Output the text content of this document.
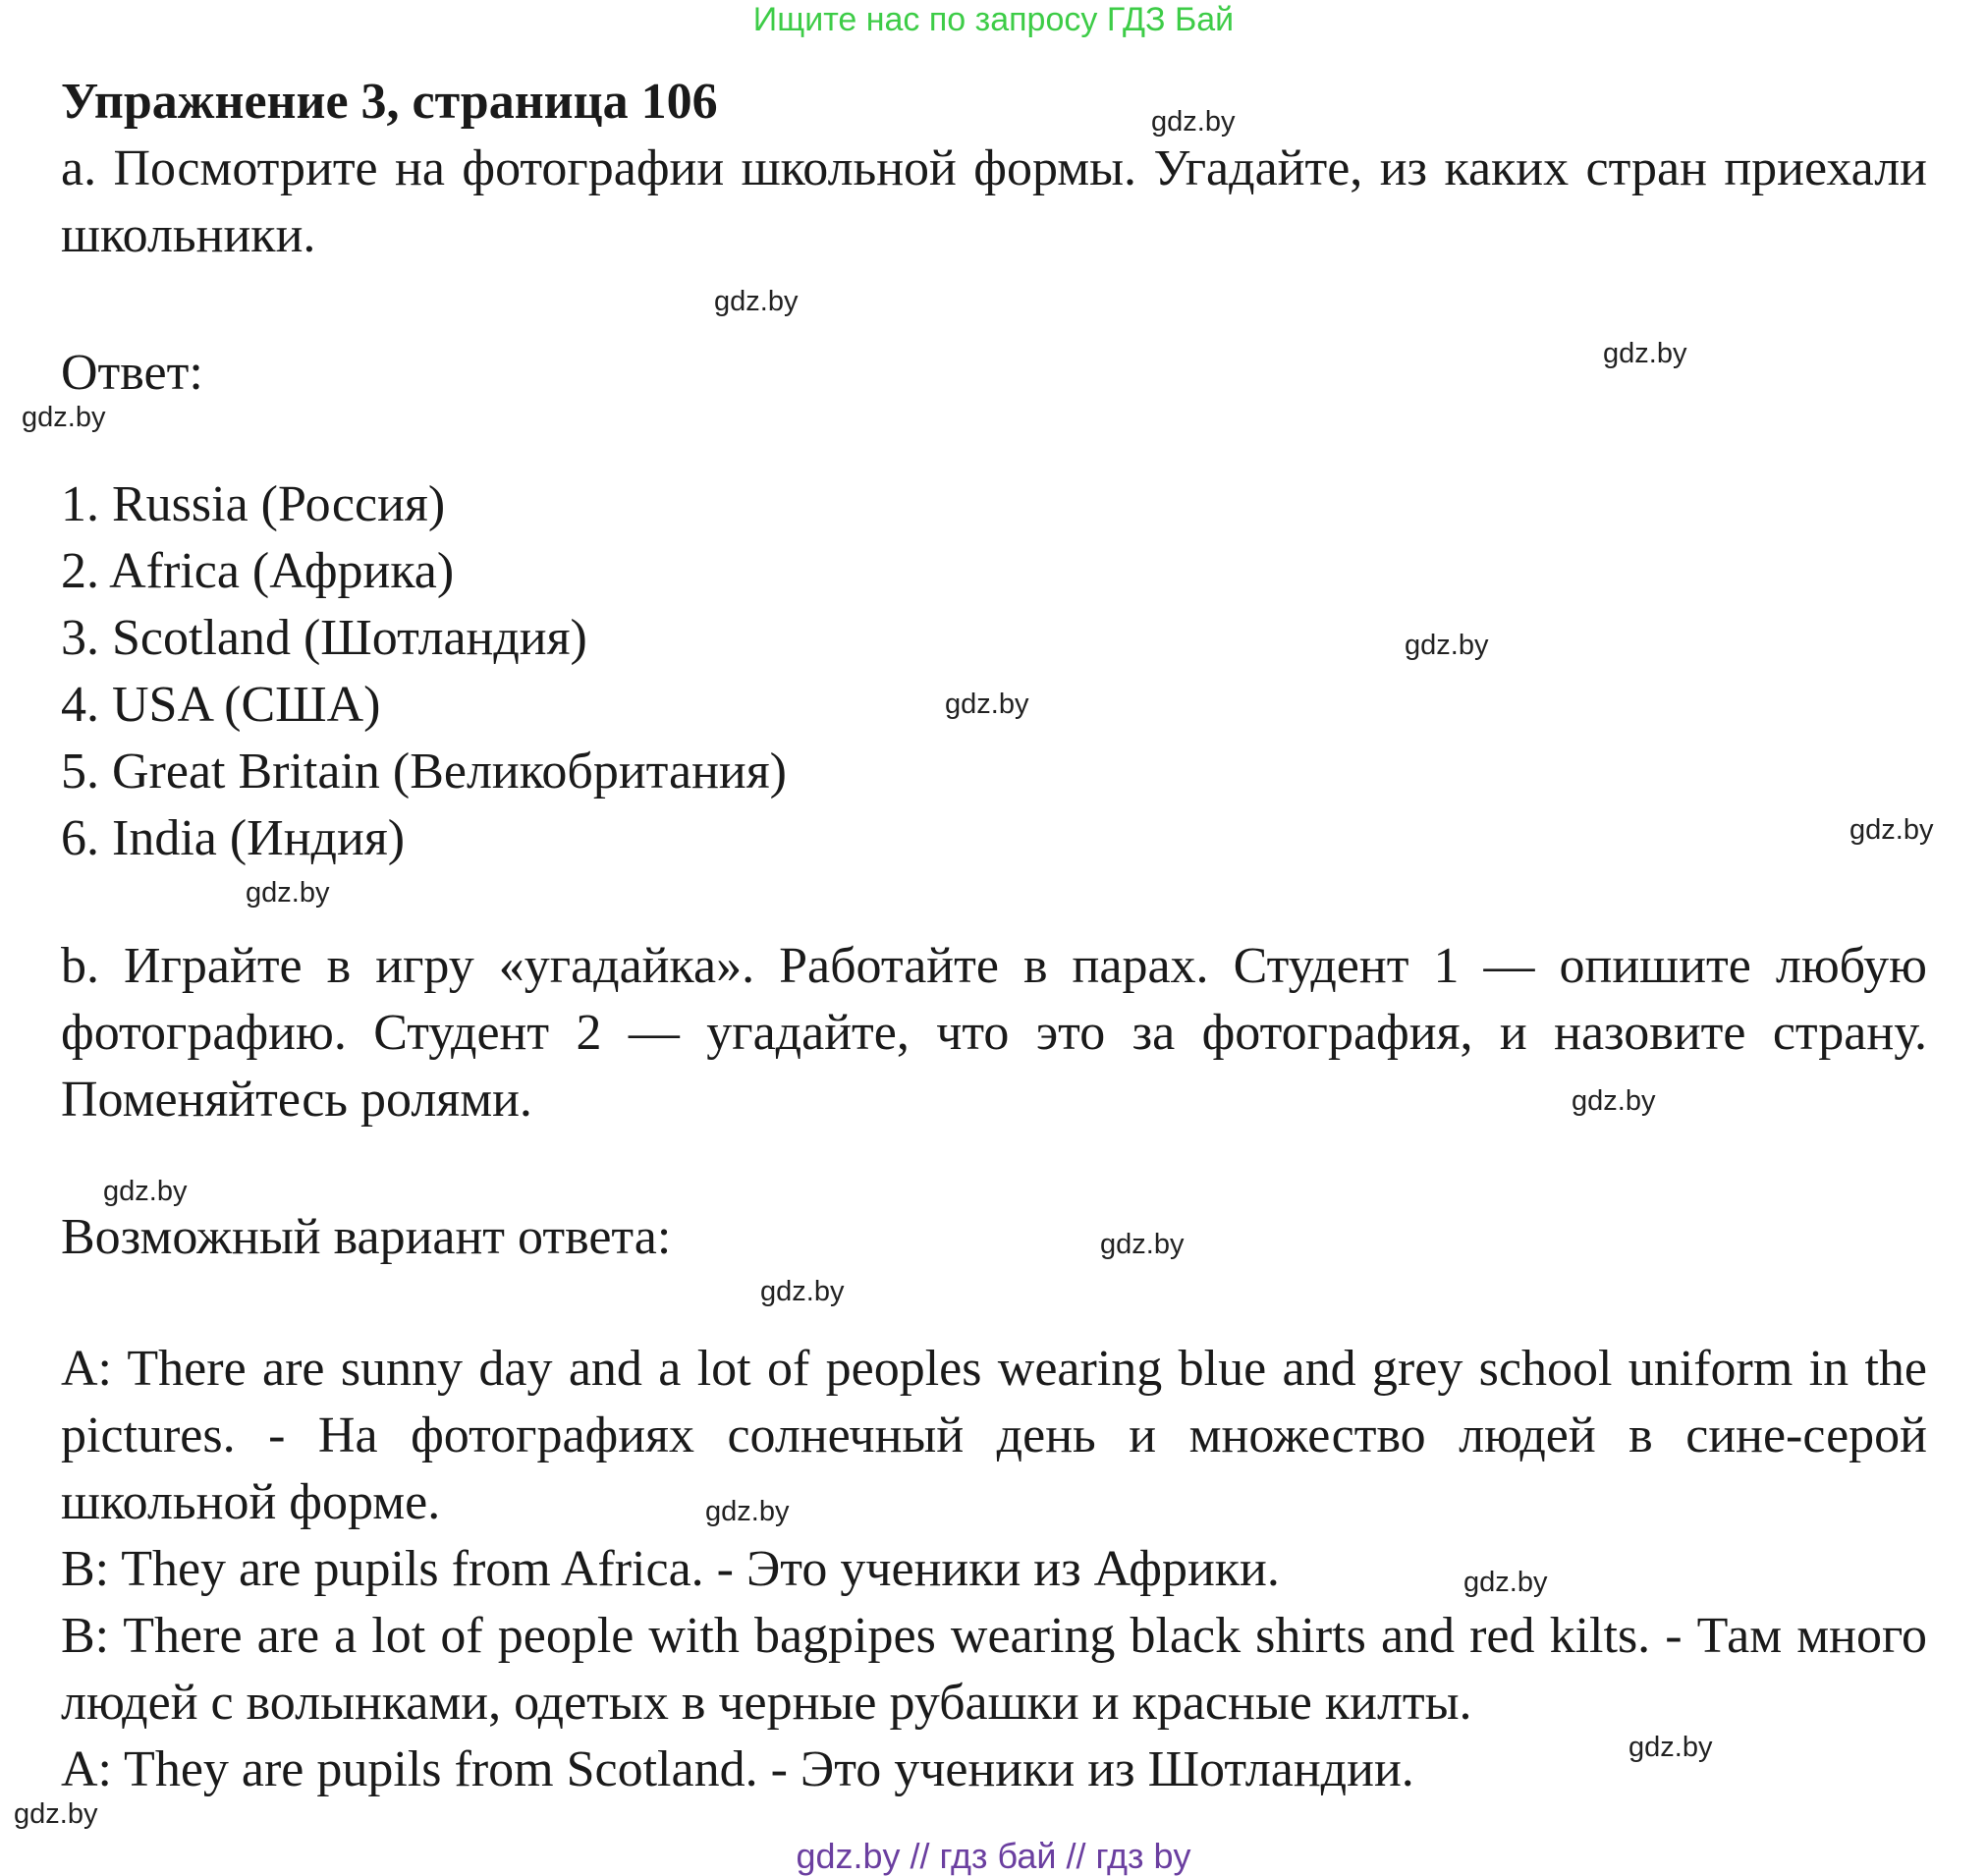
Ищите нас по запросу ГДЗ Бай
Упражнение 3, страница 106
a. Посмотрите на фотографии школьной формы. Угадайте, из каких стран приехали школьники.
Ответ:
1. Russia (Россия)
2. Africa (Африка)
3. Scotland (Шотландия)
4. USA (США)
5. Great Britain (Великобритания)
6. India (Индия)
b. Играйте в игру «угадайка». Работайте в парах. Студент 1 — опишите любую фотографию. Студент 2 — угадайте, что это за фотография, и назовите страну. Поменяйтесь ролями.
Возможный вариант ответа:
A: There are sunny day and a lot of peoples wearing blue and grey school uniform in the pictures. - На фотографиях солнечный день и множество людей в сине-серой школьной форме.
B: They are pupils from Africa. - Это ученики из Африки.
B: There are a lot of people with bagpipes wearing black shirts and red kilts. - Там много людей с волынками, одетых в черные рубашки и красные килты.
A: They are pupils from Scotland. - Это ученики из Шотландии.
gdz.by
gdz.by
gdz.by
gdz.by
gdz.by
gdz.by
gdz.by
gdz.by
gdz.by
gdz.by
gdz.by
gdz.by
gdz.by
gdz.by
gdz.by
gdz.by
gdz.by // гдз бай // гдз by
